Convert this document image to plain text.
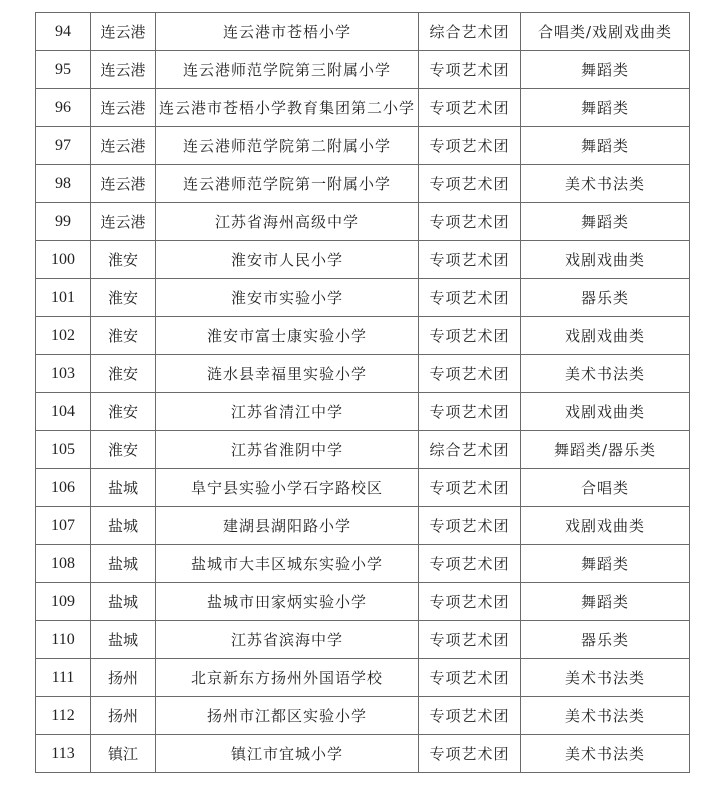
94	连云港	连云港市苍梧小学	综合艺术团	合唱类/戏剧戏曲类
95	连云港	连云港师范学院第三附属小学	专项艺术团	舞蹈类
96	连云港	连云港市苍梧小学教育集团第二小学	专项艺术团	舞蹈类
97	连云港	连云港师范学院第二附属小学	专项艺术团	舞蹈类
98	连云港	连云港师范学院第一附属小学	专项艺术团	美术书法类
99	连云港	江苏省海州高级中学	专项艺术团	舞蹈类
100	淮安	淮安市人民小学	专项艺术团	戏剧戏曲类
101	淮安	淮安市实验小学	专项艺术团	器乐类
102	淮安	淮安市富士康实验小学	专项艺术团	戏剧戏曲类
103	淮安	涟水县幸福里实验小学	专项艺术团	美术书法类
104	淮安	江苏省清江中学	专项艺术团	戏剧戏曲类
105	淮安	江苏省淮阴中学	综合艺术团	舞蹈类/器乐类
106	盐城	阜宁县实验小学石字路校区	专项艺术团	合唱类
107	盐城	建湖县湖阳路小学	专项艺术团	戏剧戏曲类
108	盐城	盐城市大丰区城东实验小学	专项艺术团	舞蹈类
109	盐城	盐城市田家炳实验小学	专项艺术团	舞蹈类
110	盐城	江苏省滨海中学	专项艺术团	器乐类
111	扬州	北京新东方扬州外国语学校	专项艺术团	美术书法类
112	扬州	扬州市江都区实验小学	专项艺术团	美术书法类
113	镇江	镇江市宜城小学	专项艺术团	美术书法类
